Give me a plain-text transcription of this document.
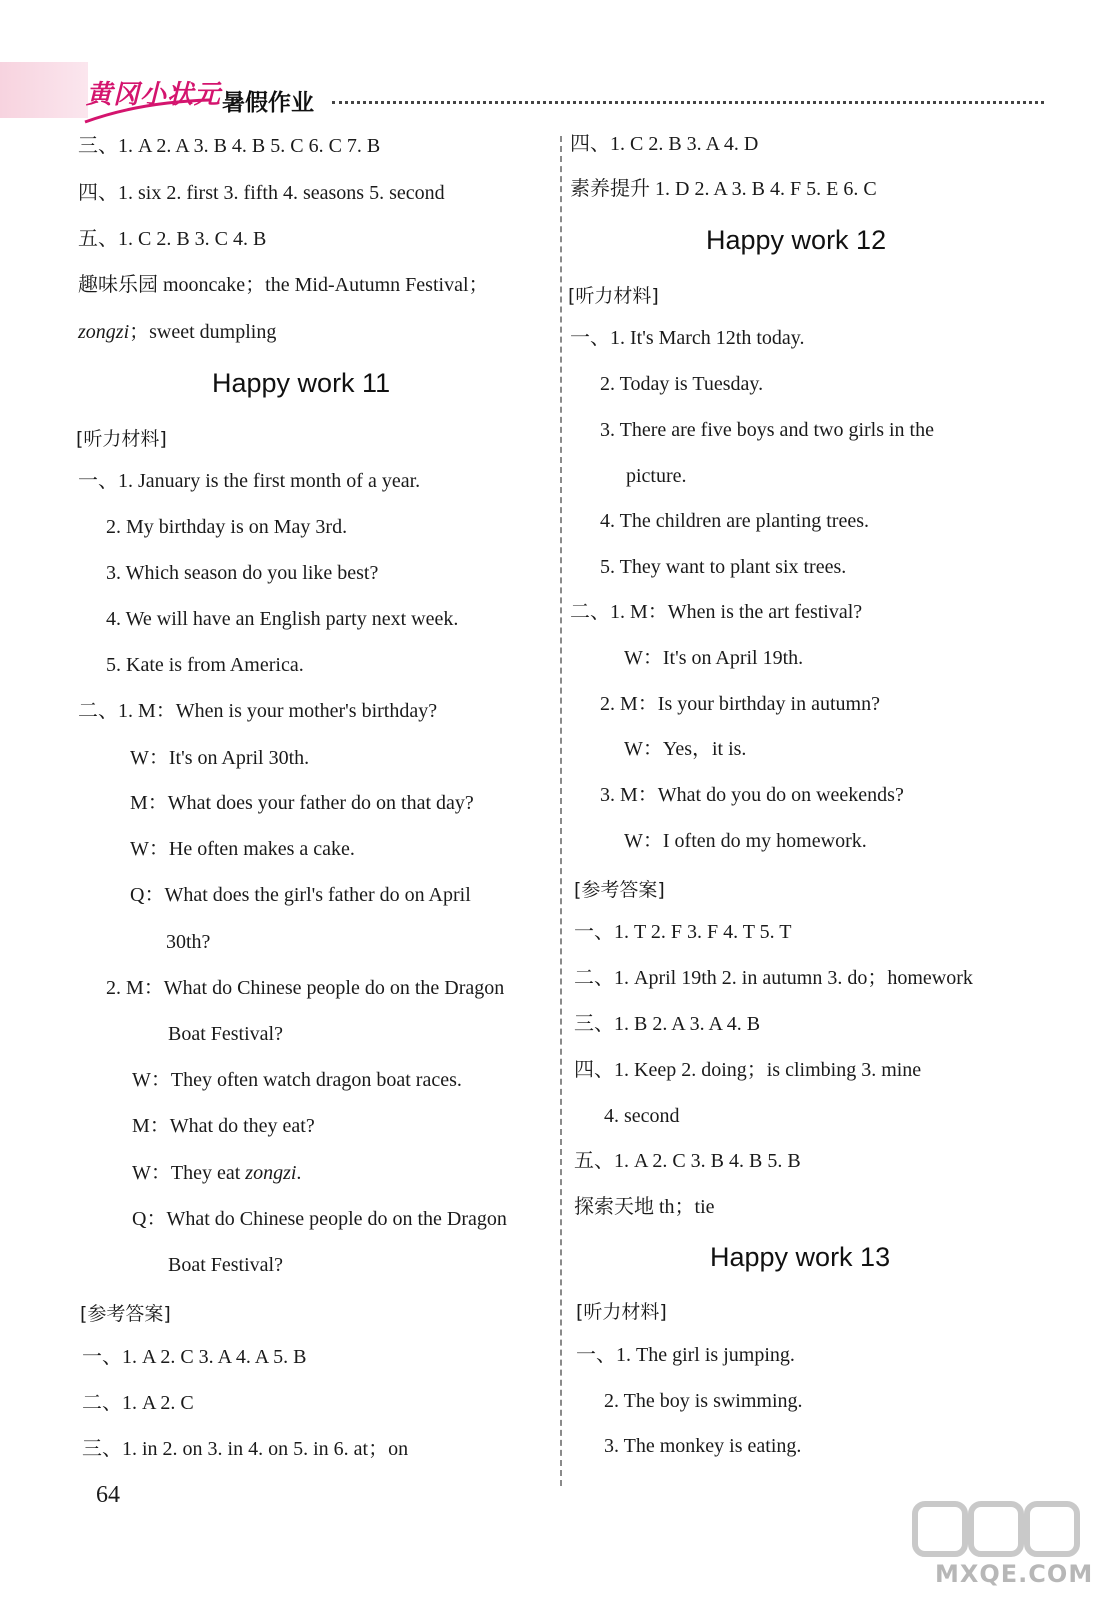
黄冈小状元 暑假作业
三、1. A 2. A 3. B 4. B 5. C 6. C 7. B
四、1. six 2. first 3. fifth 4. seasons 5. second
五、1. C 2. B 3. C 4. B
趣味乐园 mooncake；the Mid-Autumn Festival；
zongzi；sweet dumpling
Happy work 11
[听力材料]
一、1. January is the first month of a year.
2. My birthday is on May 3rd.
3. Which season do you like best?
4. We will have an English party next week.
5. Kate is from America.
二、1. M：When is your mother's birthday?
W：It's on April 30th.
M：What does your father do on that day?
W：He often makes a cake.
Q：What does the girl's father do on April
30th?
2. M：What do Chinese people do on the Dragon
Boat Festival?
W：They often watch dragon boat races.
M：What do they eat?
W：They eat zongzi.
Q：What do Chinese people do on the Dragon
Boat Festival?
[参考答案]
一、1. A 2. C 3. A 4. A 5. B
二、1. A 2. C
三、1. in 2. on 3. in 4. on 5. in 6. at；on
四、1. C 2. B 3. A 4. D
素养提升 1. D 2. A 3. B 4. F 5. E 6. C
Happy work 12
[听力材料]
一、1. It's March 12th today.
2. Today is Tuesday.
3. There are five boys and two girls in the
picture.
4. The children are planting trees.
5. They want to plant six trees.
二、1. M：When is the art festival?
W：It's on April 19th.
2. M：Is your birthday in autumn?
W：Yes，it is.
3. M：What do you do on weekends?
W：I often do my homework.
[参考答案]
一、1. T 2. F 3. F 4. T 5. T
二、1. April 19th 2. in autumn 3. do；homework
三、1. B 2. A 3. A 4. B
四、1. Keep 2. doing；is climbing 3. mine
4. second
五、1. A 2. C 3. B 4. B 5. B
探索天地 th；tie
Happy work 13
[听力材料]
一、1. The girl is jumping.
2. The boy is swimming.
3. The monkey is eating.
64
MXQE.COM
